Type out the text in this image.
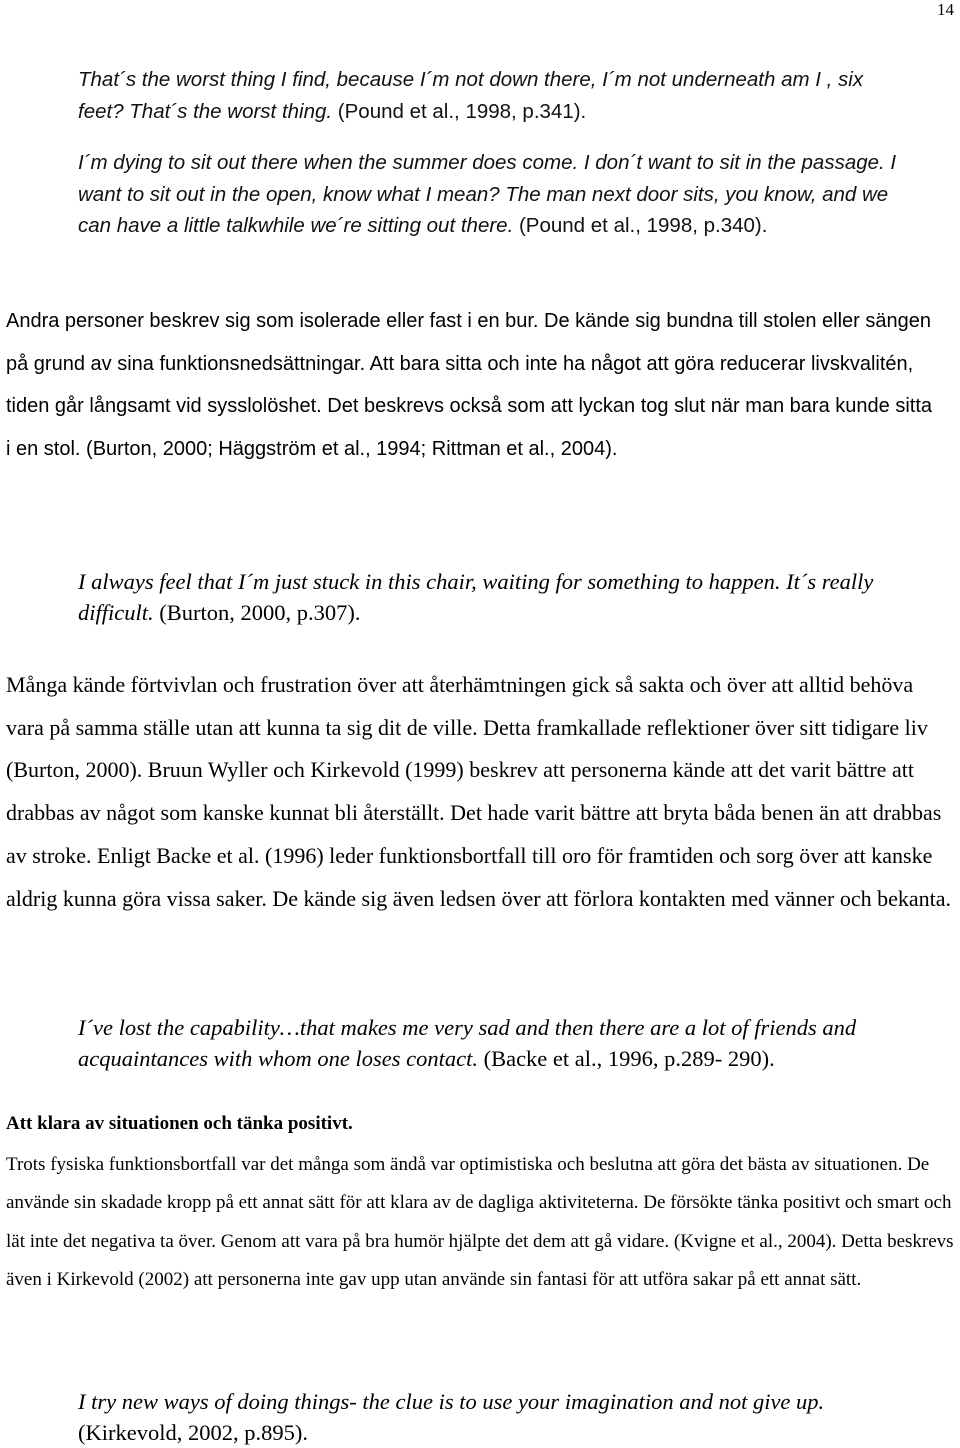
14
That´s the worst thing I find, because I´m not down there, I´m not underneath am I , six feet? That´s the worst thing. (Pound et al., 1998, p.341).
I´m dying to sit out there when the summer does come. I don´t want to sit in the passage. I want to sit out in the open, know what I mean? The man next door sits, you know, and we can have a little talkwhile we´re sitting out there. (Pound et al., 1998, p.340).
Andra personer beskrev sig som isolerade eller fast i en bur. De kände sig bundna till stolen eller sängen på grund av sina funktionsnedsättningar. Att bara sitta och inte ha något att göra reducerar livskvalitén, tiden går långsamt vid sysslolöshet. Det beskrevs också som att lyckan tog slut när man bara kunde sitta i en stol. (Burton, 2000; Häggström et al., 1994; Rittman et al., 2004).
I always feel that I´m just stuck in this chair, waiting for something to happen. It´s really difficult. (Burton, 2000, p.307).
Många kände förtvivlan och frustration över att återhämtningen gick så sakta och över att alltid behöva vara på samma ställe utan att kunna ta sig dit de ville. Detta framkallade reflektioner över sitt tidigare liv (Burton, 2000). Bruun Wyller och Kirkevold (1999) beskrev att personerna kände att det varit bättre att drabbas av något som kanske kunnat bli återställt. Det hade varit bättre att bryta båda benen än att drabbas av stroke. Enligt Backe et al. (1996) leder funktionsbortfall till oro för framtiden och sorg över att kanske aldrig kunna göra vissa saker. De kände sig även ledsen över att förlora kontakten med vänner och bekanta.
I´ve lost the capability…that makes me very sad and then there are a lot of friends and acquaintances with whom one loses contact. (Backe et al., 1996, p.289- 290).
Att klara av situationen och tänka positivt.
Trots fysiska funktionsbortfall var det många som ändå var optimistiska och beslutna att göra det bästa av situationen. De använde sin skadade kropp på ett annat sätt för att klara av de dagliga aktiviteterna. De försökte tänka positivt och smart och lät inte det negativa ta över. Genom att vara på bra humör hjälpte det dem att gå vidare. (Kvigne et al., 2004). Detta beskrevs även i Kirkevold (2002) att personerna inte gav upp utan använde sin fantasi för att utföra sakar på ett annat sätt.
I try new ways of doing things- the clue is to use your imagination and not give up. (Kirkevold, 2002, p.895).
